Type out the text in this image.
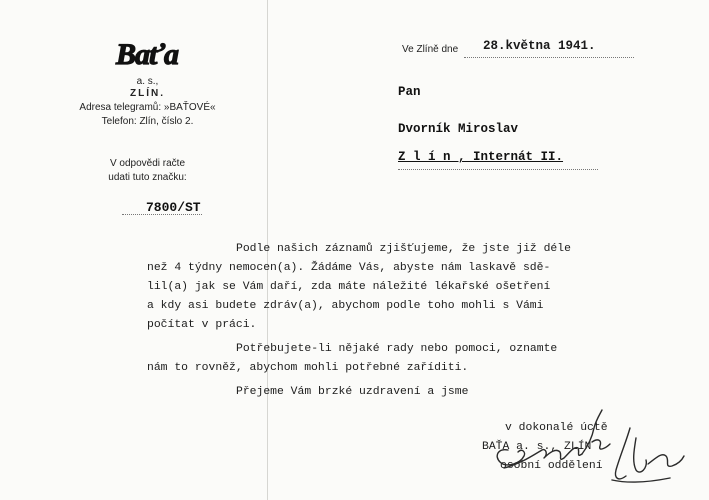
Baťa
a. s.,
ZLÍN.
Adresa telegramů: »BAŤOVÉ«
Telefon: Zlín, číslo 2.
V odpovědi račte
udati tuto značku:
7800/ST
Ve Zlíně dne 28.května 1941.
Pan
Dvorník Miroslav
Z l í n , Internát II.
Podle našich záznamů zjišťujeme, že jste již déle
než 4 týdny nemocen(a). Žádáme Vás, abyste nám laskavě sdě-
lil(a) jak se Vám daří, zda máte náležité lékařské ošetření
a kdy asi budete zdráv(a), abychom podle toho mohli s Vámi
počítat v práci.
Potřebujete-li nějaké rady nebo pomoci, oznamte
nám to rovněž, abychom mohli potřebné zaříditi.
Přejeme Vám brzké uzdravení a jsme
v dokonalé úctě
BAŤA a. s., ZLÍN
osobní oddělení
